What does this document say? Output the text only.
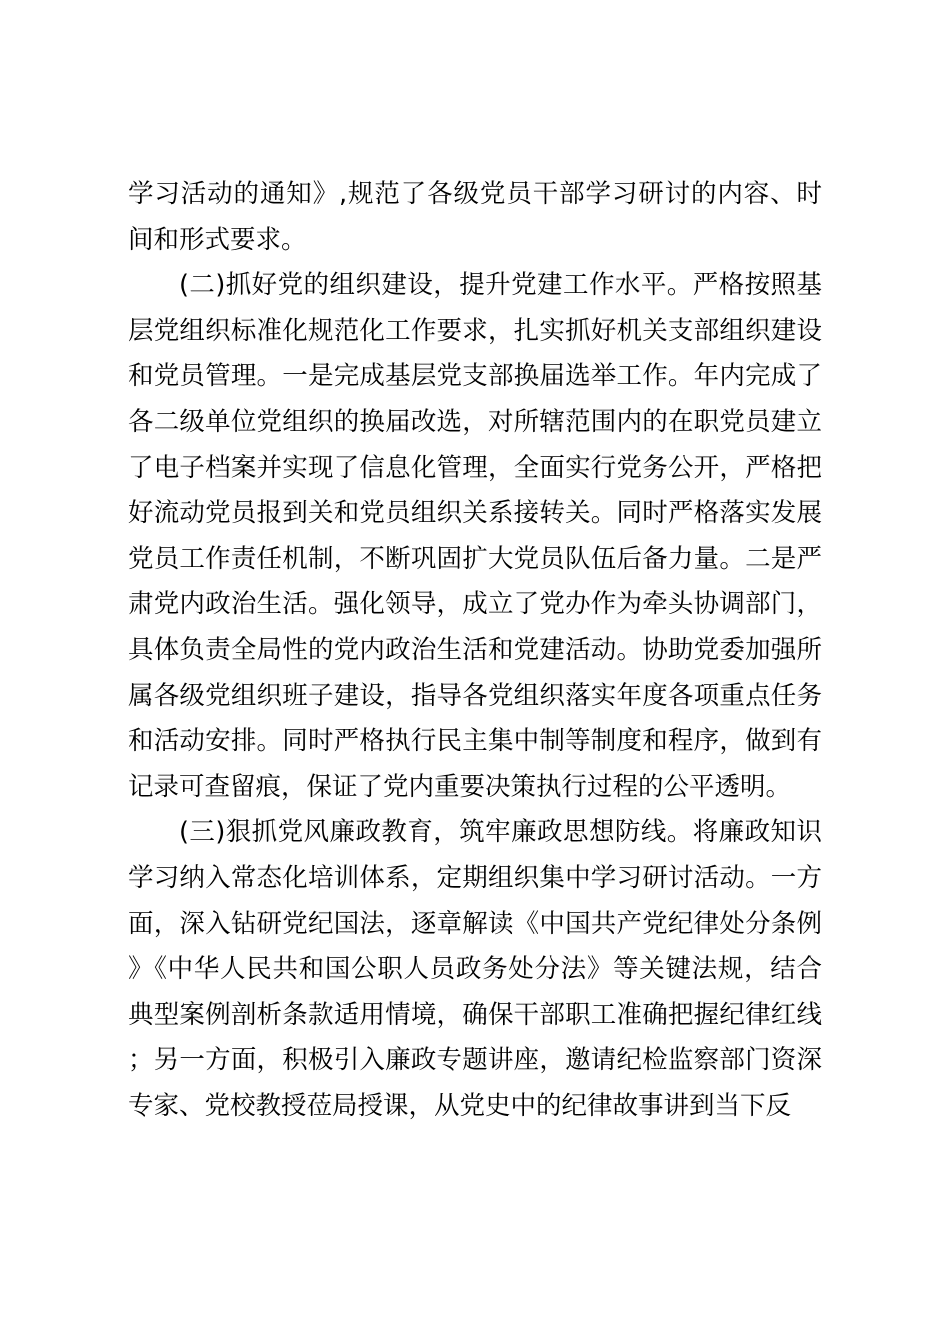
学习活动的通知》,规范了各级党员干部学习研讨的内容、时间和形式要求。

(二)抓好党的组织建设，提升党建工作水平。严格按照基层党组织标准化规范化工作要求，扎实抓好机关支部组织建设和党员管理。一是完成基层党支部换届选举工作。年内完成了各二级单位党组织的换届改选，对所辖范围内的在职党员建立了电子档案并实现了信息化管理，全面实行党务公开，严格把好流动党员报到关和党员组织关系接转关。同时严格落实发展党员工作责任机制，不断巩固扩大党员队伍后备力量。二是严肃党内政治生活。强化领导，成立了党办作为牵头协调部门，具体负责全局性的党内政治生活和党建活动。协助党委加强所属各级党组织班子建设，指导各党组织落实年度各项重点任务和活动安排。同时严格执行民主集中制等制度和程序，做到有记录可查留痕，保证了党内重要决策执行过程的公平透明。

(三)狠抓党风廉政教育，筑牢廉政思想防线。将廉政知识学习纳入常态化培训体系，定期组织集中学习研讨活动。一方面，深入钻研党纪国法，逐章解读《中国共产党纪律处分条例》《中华人民共和国公职人员政务处分法》等关键法规，结合典型案例剖析条款适用情境，确保干部职工准确把握纪律红线；另一方面，积极引入廉政专题讲座，邀请纪检监察部门资深专家、党校教授莅局授课，从党史中的纪律故事讲到当下反
